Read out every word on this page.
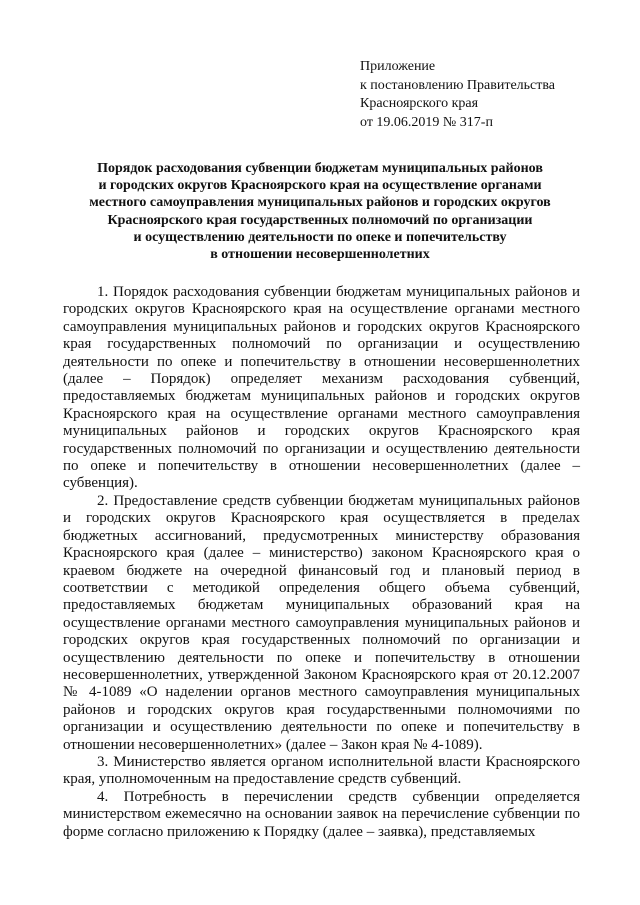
Приложение
к постановлению Правительства
Красноярского края
от 19.06.2019 № 317-п
Порядок расходования субвенции бюджетам муниципальных районов
и городских округов Красноярского края на осуществление органами
местного самоуправления муниципальных районов и городских округов
Красноярского края государственных полномочий по организации
и осуществлению деятельности по опеке и попечительству
в отношении несовершеннолетних

1. Порядок расходования субвенции бюджетам муниципальных районов и городских округов Красноярского края на осуществление органами местного самоуправления муниципальных районов и городских округов Красноярского края государственных полномочий по организации и осуществлению деятельности по опеке и попечительству в отношении несовершеннолетних (далее – Порядок) определяет механизм расходования субвенций, предоставляемых бюджетам муниципальных районов и городских округов Красноярского края на осуществление органами местного самоуправления муниципальных районов и городских округов Красноярского края государственных полномочий по организации и осуществлению деятельности по опеке и попечительству в отношении несовершеннолетних (далее – субвенция).

2. Предоставление средств субвенции бюджетам муниципальных районов и городских округов Красноярского края осуществляется в пределах бюджетных ассигнований, предусмотренных министерству образования Красноярского края (далее – министерство) законом Красноярского края о краевом бюджете на очередной финансовый год и плановый период в соответствии с методикой определения общего объема субвенций, предоставляемых бюджетам муниципальных образований края на осуществление органами местного самоуправления муниципальных районов и городских округов края государственных полномочий по организации и осуществлению деятельности по опеке и попечительству в отношении несовершеннолетних, утвержденной Законом Красноярского края от 20.12.2007 № 4-1089 «О наделении органов местного самоуправления муниципальных районов и городских округов края государственными полномочиями по организации и осуществлению деятельности по опеке и попечительству в отношении несовершеннолетних» (далее – Закон края № 4-1089).

3. Министерство является органом исполнительной власти Красноярского края, уполномоченным на предоставление средств субвенций.

4. Потребность в перечислении средств субвенции определяется министерством ежемесячно на основании заявок на перечисление субвенции по форме согласно приложению к Порядку (далее – заявка), представляемых
